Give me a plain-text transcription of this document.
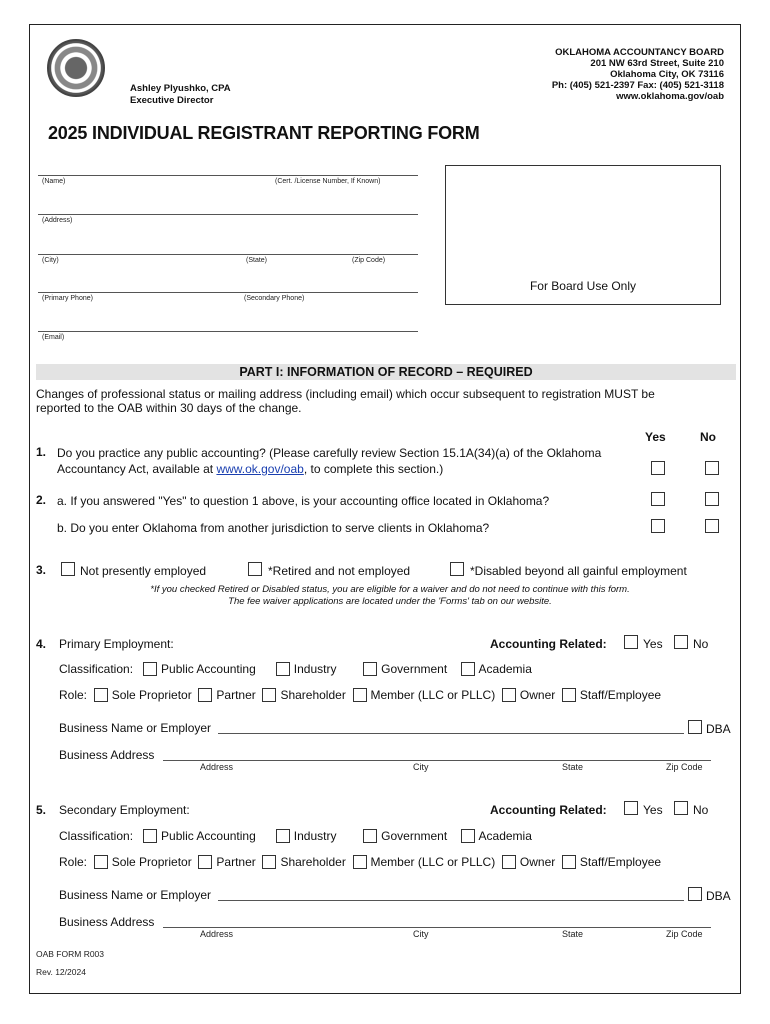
Ashley Plyushko, CPA
Executive Director
OKLAHOMA ACCOUNTANCY BOARD
201 NW 63rd Street, Suite 210
Oklahoma City, OK 73116
Ph: (405) 521-2397 Fax: (405) 521-3118
www.oklahoma.gov/oab
2025 INDIVIDUAL REGISTRANT REPORTING FORM
(Name)	(Cert. /License Number, If Known)
(Address)
(City)	(State)	(Zip Code)
(Primary Phone)	(Secondary Phone)
(Email)
For Board Use Only
PART I: INFORMATION OF RECORD – REQUIRED
Changes of professional status or mailing address (including email) which occur subsequent to registration MUST be
reported to the OAB within 30 days of the change.
Yes	No
1. Do you practice any public accounting? (Please carefully review Section 15.1A(34)(a) of the Oklahoma
Accountancy Act, available at www.ok.gov/oab, to complete this section.)
2. a. If you answered "Yes" to question 1 above, is your accounting office located in Oklahoma?
b. Do you enter Oklahoma from another jurisdiction to serve clients in Oklahoma?
3.	Not presently employed	*Retired and not employed	*Disabled beyond all gainful employment
*If you checked Retired or Disabled status, you are eligible for a waiver and do not need to continue with this form.
The fee waiver applications are located under the 'Forms' tab on our website.
4. Primary Employment:	Accounting Related:	Yes	No
Classification: Public Accounting	Industry	Government	Academia
Role: Sole Proprietor Partner Shareholder Member (LLC or PLLC) Owner Staff/Employee
Business Name or Employer	DBA
Business Address
Address	City	State	Zip Code
5. Secondary Employment:	Accounting Related:	Yes	No
Classification: Public Accounting	Industry	Government	Academia
Role: Sole Proprietor Partner Shareholder Member (LLC or PLLC) Owner Staff/Employee
Business Name or Employer	DBA
Business Address
Address	City	State	Zip Code
OAB FORM R003
Rev. 12/2024
